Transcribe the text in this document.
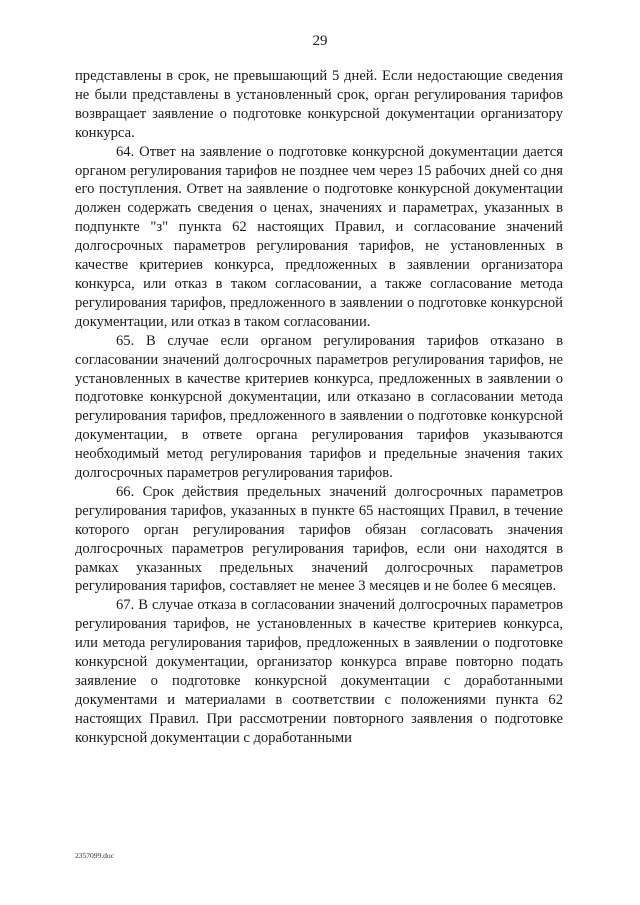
29

представлены в срок, не превышающий 5 дней. Если недостающие сведения не были представлены в установленный срок, орган регулирования тарифов возвращает заявление о подготовке конкурсной документации организатору конкурса.

64. Ответ на заявление о подготовке конкурсной документации дается органом регулирования тарифов не позднее чем через 15 рабочих дней со дня его поступления. Ответ на заявление о подготовке конкурсной документации должен содержать сведения о ценах, значениях и параметрах, указанных в подпункте "з" пункта 62 настоящих Правил, и согласование значений долгосрочных параметров регулирования тарифов, не установленных в качестве критериев конкурса, предложенных в заявлении организатора конкурса, или отказ в таком согласовании, а также согласование метода регулирования тарифов, предложенного в заявлении о подготовке конкурсной документации, или отказ в таком согласовании.

65. В случае если органом регулирования тарифов отказано в согласовании значений долгосрочных параметров регулирования тарифов, не установленных в качестве критериев конкурса, предложенных в заявлении о подготовке конкурсной документации, или отказано в согласовании метода регулирования тарифов, предложенного в заявлении о подготовке конкурсной документации, в ответе органа регулирования тарифов указываются необходимый метод регулирования тарифов и предельные значения таких долгосрочных параметров регулирования тарифов.

66. Срок действия предельных значений долгосрочных параметров регулирования тарифов, указанных в пункте 65 настоящих Правил, в течение которого орган регулирования тарифов обязан согласовать значения долгосрочных параметров регулирования тарифов, если они находятся в рамках указанных предельных значений долгосрочных параметров регулирования тарифов, составляет не менее 3 месяцев и не более 6 месяцев.

67. В случае отказа в согласовании значений долгосрочных параметров регулирования тарифов, не установленных в качестве критериев конкурса, или метода регулирования тарифов, предложенных в заявлении о подготовке конкурсной документации, организатор конкурса вправе повторно подать заявление о подготовке конкурсной документации с доработанными документами и материалами в соответствии с положениями пункта 62 настоящих Правил. При рассмотрении повторного заявления о подготовке конкурсной документации с доработанными

2357099.doc
